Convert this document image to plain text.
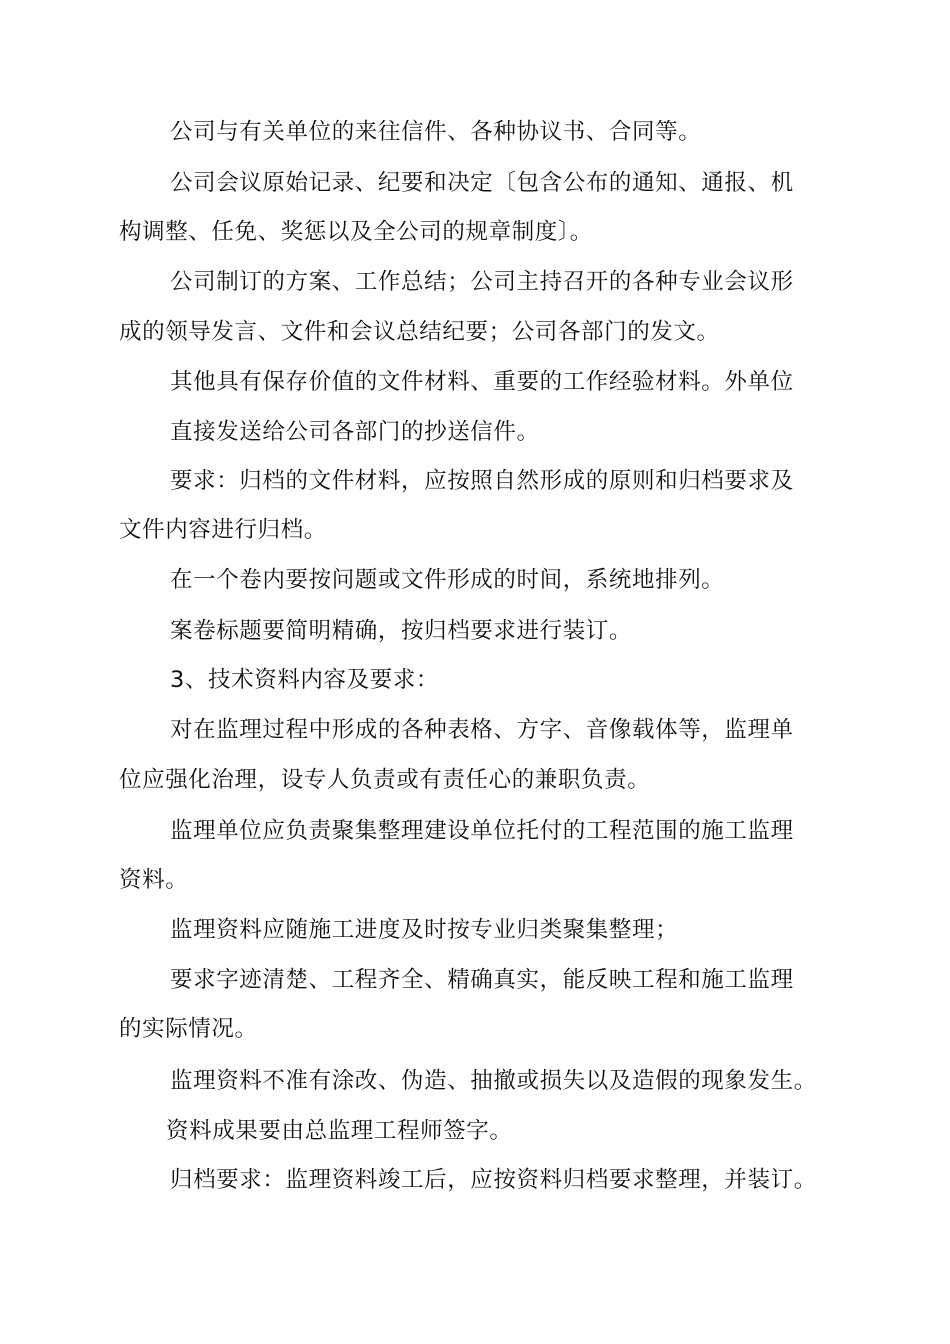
公司与有关单位的来往信件、各种协议书、合同等。
公司会议原始记录、纪要和决定〔包含公布的通知、通报、机
构调整、任免、奖惩以及全公司的规章制度〕。
公司制订的方案、工作总结；公司主持召开的各种专业会议形
成的领导发言、文件和会议总结纪要；公司各部门的发文。
其他具有保存价值的文件材料、重要的工作经验材料。外单位
直接发送给公司各部门的抄送信件。
要求：归档的文件材料，应按照自然形成的原则和归档要求及
文件内容进行归档。
在一个卷内要按问题或文件形成的时间，系统地排列。
案卷标题要简明精确，按归档要求进行装订。
3、技术资料内容及要求：
对在监理过程中形成的各种表格、方字、音像载体等，监理单
位应强化治理，设专人负责或有责任心的兼职负责。
监理单位应负责聚集整理建设单位托付的工程范围的施工监理
资料。
监理资料应随施工进度及时按专业归类聚集整理；
要求字迹清楚、工程齐全、精确真实，能反映工程和施工监理
的实际情况。
监理资料不准有涂改、伪造、抽撤或损失以及造假的现象发生。
资料成果要由总监理工程师签字。
归档要求：监理资料竣工后，应按资料归档要求整理，并装订。
